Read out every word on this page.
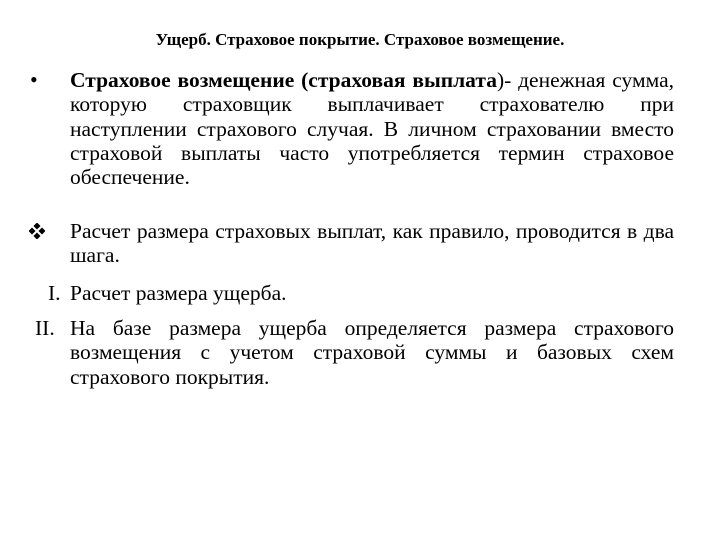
Ущерб. Страховое покрытие. Страховое возмещение.
•	Страховое возмещение (страховая выплата)- денежная сумма, которую страховщик выплачивает страхователю при наступлении страхового случая. В личном страховании вместо страховой выплаты часто употребляется термин страховое обеспечение.
Расчет размера страховых выплат, как правило, проводится в два шага.
I. Расчет размера ущерба.
II. На базе размера ущерба определяется размера страхового возмещения с учетом страховой суммы и базовых схем страхового покрытия.
